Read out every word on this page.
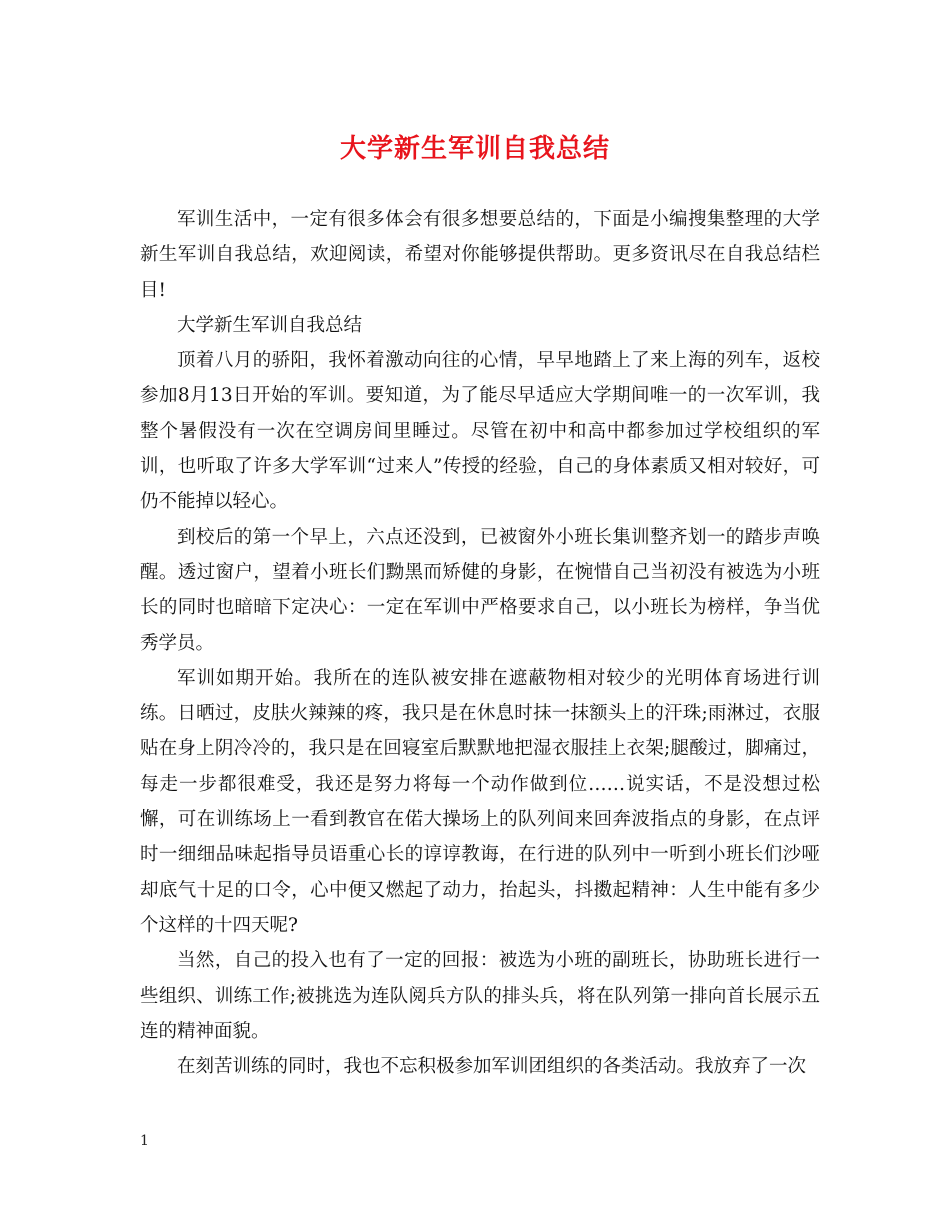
大学新生军训自我总结

军训生活中，一定有很多体会有很多想要总结的，下面是小编搜集整理的大学新生军训自我总结，欢迎阅读，希望对你能够提供帮助。更多资讯尽在自我总结栏目!

大学新生军训自我总结

顶着八月的骄阳，我怀着激动向往的心情，早早地踏上了来上海的列车，返校参加8月13日开始的军训。要知道，为了能尽早适应大学期间唯一的一次军训，我整个暑假没有一次在空调房间里睡过。尽管在初中和高中都参加过学校组织的军训，也听取了许多大学军训“过来人”传授的经验，自己的身体素质又相对较好，可仍不能掉以轻心。

到校后的第一个早上，六点还没到，已被窗外小班长集训整齐划一的踏步声唤醒。透过窗户，望着小班长们黝黑而矫健的身影，在惋惜自己当初没有被选为小班长的同时也暗暗下定决心：一定在军训中严格要求自己，以小班长为榜样，争当优秀学员。

军训如期开始。我所在的连队被安排在遮蔽物相对较少的光明体育场进行训练。日晒过，皮肤火辣辣的疼，我只是在休息时抹一抹额头上的汗珠;雨淋过，衣服贴在身上阴冷冷的，我只是在回寝室后默默地把湿衣服挂上衣架;腿酸过，脚痛过，每走一步都很难受，我还是努力将每一个动作做到位……说实话，不是没想过松懈，可在训练场上一看到教官在偌大操场上的队列间来回奔波指点的身影，在点评时一细细品味起指导员语重心长的谆谆教诲，在行进的队列中一听到小班长们沙哑却底气十足的口令，心中便又燃起了动力，抬起头，抖擞起精神：人生中能有多少个这样的十四天呢?

当然，自己的投入也有了一定的回报：被选为小班的副班长，协助班长进行一些组织、训练工作;被挑选为连队阅兵方队的排头兵，将在队列第一排向首长展示五连的精神面貌。

在刻苦训练的同时，我也不忘积极参加军训团组织的各类活动。我放弃了一次

1
